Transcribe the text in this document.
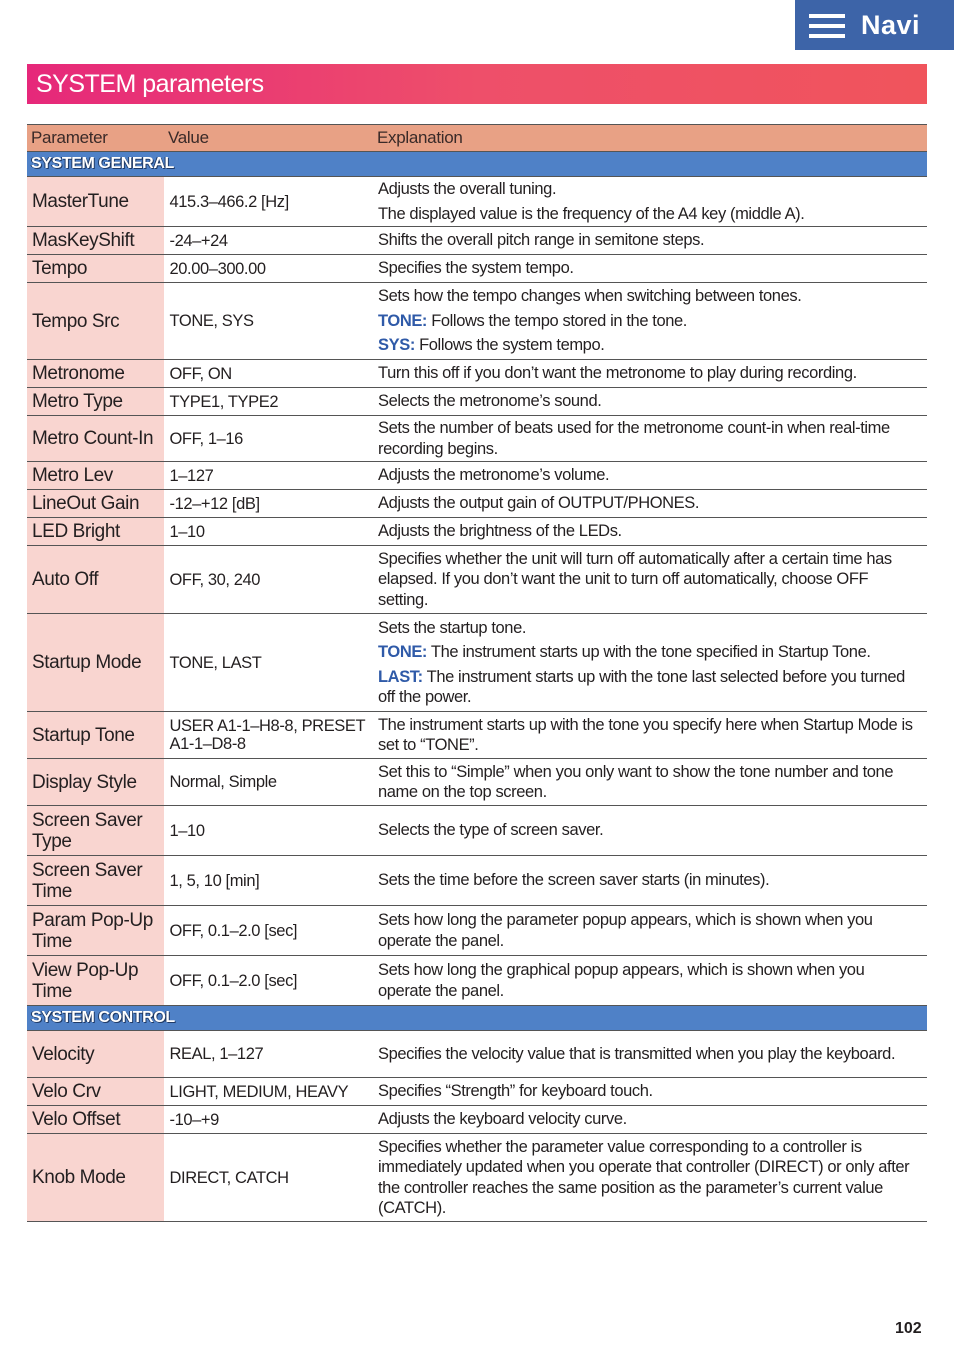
Navi
SYSTEM parameters
Parameter	Value	Explanation
SYSTEM GENERAL		
MasterTune	415.3–466.2 [Hz]	Adjusts the overall tuning.

The displayed value is the frequency of the A4 key (middle A).

MasKeyShift	-24–+24	Shifts the overall pitch range in semitone steps.
Tempo	20.00–300.00	Specifies the system tempo.
Tempo Src	TONE, SYS	Sets how the tempo changes when switching between tones.

TONE: Follows the tempo stored in the tone.

SYS: Follows the system tempo.

Metronome	OFF, ON	Turn this off if you don’t want the metronome to play during recording.
Metro Type	TYPE1, TYPE2	Selects the metronome’s sound.
Metro Count-In	OFF, 1–16	Sets the number of beats used for the metronome count-in when real-time recording begins.
Metro Lev	1–127	Adjusts the metronome’s volume.
LineOut Gain	-12–+12 [dB]	Adjusts the output gain of OUTPUT/PHONES.
LED Bright	1–10	Adjusts the brightness of the LEDs.
Auto Off	OFF, 30, 240	Specifies whether the unit will turn off automatically after a certain time has elapsed. If you don’t want the unit to turn off automatically, choose OFF setting.
Startup Mode	TONE, LAST	Sets the startup tone.

TONE: The instrument starts up with the tone specified in Startup Tone.

LAST: The instrument starts up with the tone last selected before you turned off the power.

Startup Tone	USER A1-1–H8-8, PRESET A1-1–D8-8	The instrument starts up with the tone you specify here when Startup Mode is set to “TONE”.
Display Style	Normal, Simple	Set this to “Simple” when you only want to show the tone number and tone name on the top screen.
Screen Saver Type	1–10	Selects the type of screen saver.
Screen Saver Time	1, 5, 10 [min]	Sets the time before the screen saver starts (in minutes).
Param Pop-Up Time	OFF, 0.1–2.0 [sec]	Sets how long the parameter popup appears, which is shown when you operate the panel.
View Pop-Up Time	OFF, 0.1–2.0 [sec]	Sets how long the graphical popup appears, which is shown when you operate the panel.
SYSTEM CONTROL		
Velocity	REAL, 1–127	Specifies the velocity value that is transmitted when you play the keyboard.
Velo Crv	LIGHT, MEDIUM, HEAVY	Specifies “Strength” for keyboard touch.
Velo Offset	-10–+9	Adjusts the keyboard velocity curve.
Knob Mode	DIRECT, CATCH	Specifies whether the parameter value corresponding to a controller is immediately updated when you operate that controller (DIRECT) or only after the controller reaches the same position as the parameter’s current value (CATCH).
102
